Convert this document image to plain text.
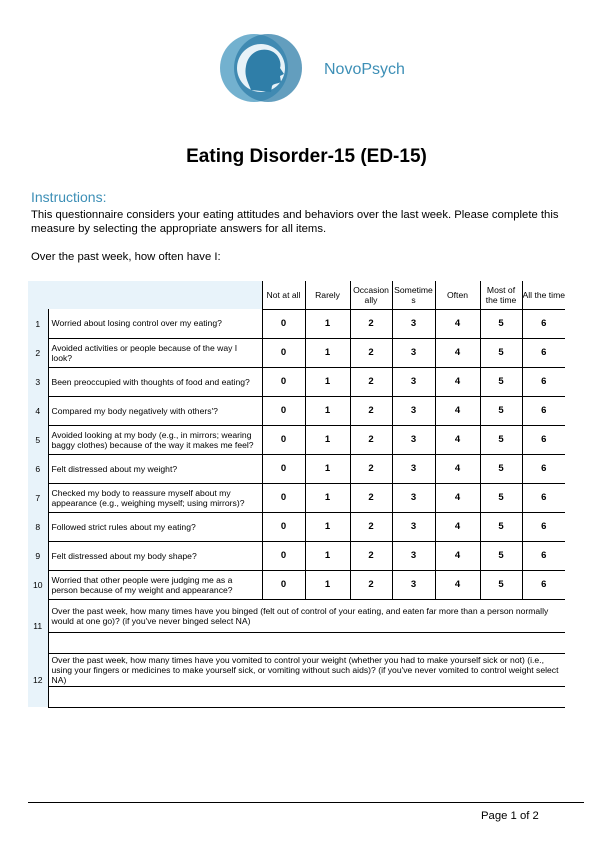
NovoPsych
Eating Disorder-15 (ED-15)
Instructions:
This questionnaire considers your eating attitudes and behaviors over the last week. Please complete this measure by selecting the appropriate answers for all items.
Over the past week, how often have I:
		Not at all	Rarely	Occasion ally	Sometime s	Often	Most of the time	All the time
1	Worried about losing control over my eating?	0	1	2	3	4	5	6
2	Avoided activities or people because of the way I look?	0	1	2	3	4	5	6
3	Been preoccupied with thoughts of food and eating?	0	1	2	3	4	5	6
4	Compared my body negatively with others'?	0	1	2	3	4	5	6
5	Avoided looking at my body (e.g., in mirrors; wearing baggy clothes) because of the way it makes me feel?	0	1	2	3	4	5	6
6	Felt distressed about my weight?	0	1	2	3	4	5	6
7	Checked my body to reassure myself about my appearance (e.g., weighing myself; using mirrors)?	0	1	2	3	4	5	6
8	Followed strict rules about my eating?	0	1	2	3	4	5	6
9	Felt distressed about my body shape?	0	1	2	3	4	5	6
10	Worried that other people were judging me as a person because of my weight and appearance?	0	1	2	3	4	5	6
11	Over the past week, how many times have you binged (felt out of control of your eating, and eaten far more than a person normally would at one go)? (if you've never binged select NA)							

12	Over the past week, how many times have you vomited to control your weight (whether you had to make yourself sick or not) (i.e., using your fingers or medicines to make yourself sick, or vomiting without such aids)? (if you've never vomited to control weight select NA)							

Page 1 of 2
